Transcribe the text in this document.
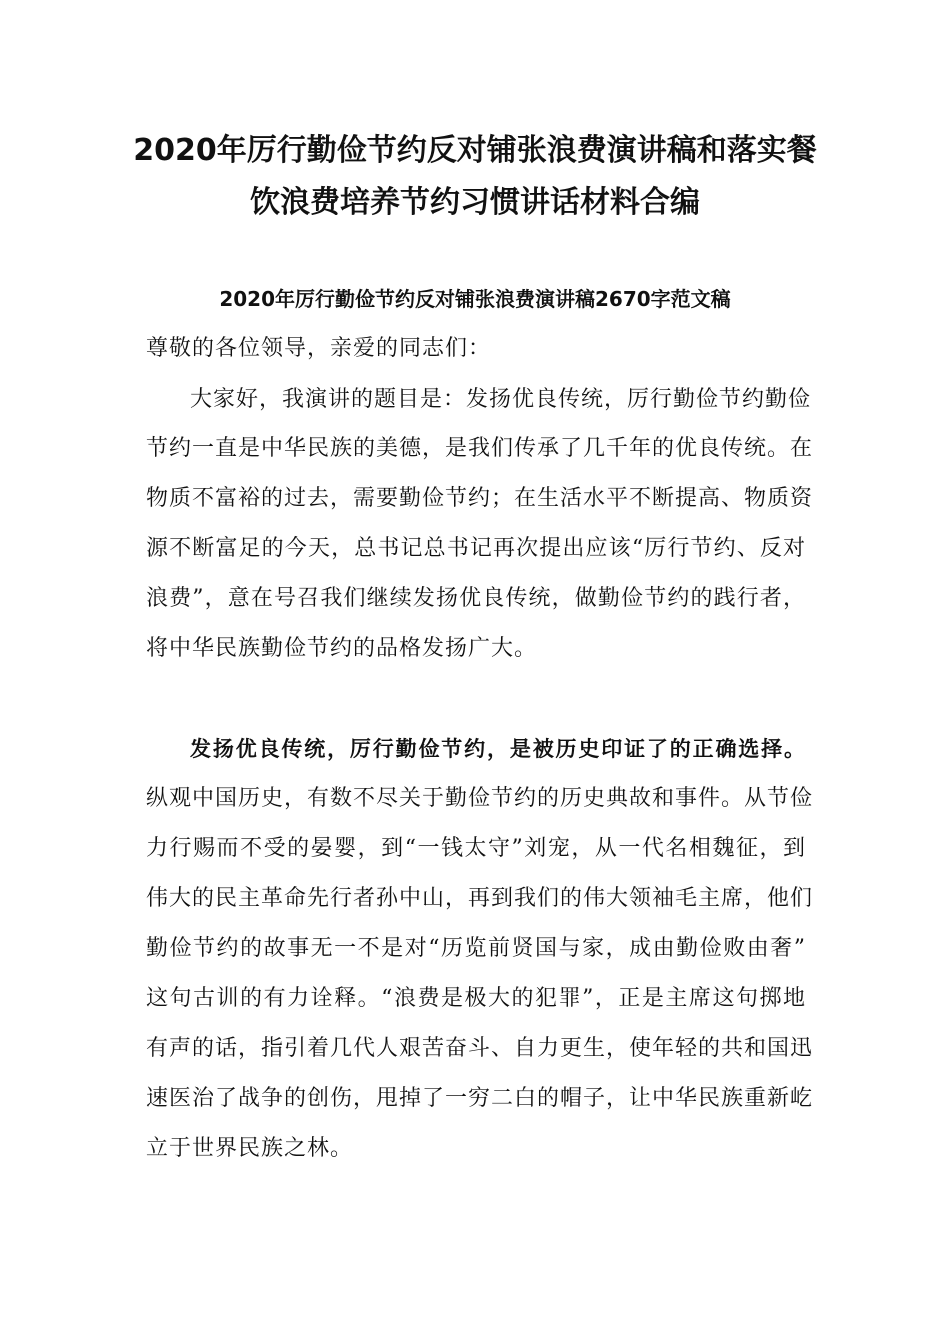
2020年厉行勤俭节约反对铺张浪费演讲稿和落实餐
饮浪费培养节约习惯讲话材料合编
2020年厉行勤俭节约反对铺张浪费演讲稿2670字范文稿
尊敬的各位领导，亲爱的同志们：
大家好，我演讲的题目是：发扬优良传统，厉行勤俭节约勤俭
节约一直是中华民族的美德，是我们传承了几千年的优良传统。在
物质不富裕的过去，需要勤俭节约；在生活水平不断提高、物质资
源不断富足的今天，总书记总书记再次提出应该“厉行节约、反对
浪费”，意在号召我们继续发扬优良传统，做勤俭节约的践行者，
将中华民族勤俭节约的品格发扬广大。
发扬优良传统，厉行勤俭节约，是被历史印证了的正确选择。
纵观中国历史，有数不尽关于勤俭节约的历史典故和事件。从节俭
力行赐而不受的晏婴，到“一钱太守”刘宠，从一代名相魏征，到
伟大的民主革命先行者孙中山，再到我们的伟大领袖毛主席，他们
勤俭节约的故事无一不是对“历览前贤国与家，成由勤俭败由奢”
这句古训的有力诠释。“浪费是极大的犯罪”，正是主席这句掷地
有声的话，指引着几代人艰苦奋斗、自力更生，使年轻的共和国迅
速医治了战争的创伤，甩掉了一穷二白的帽子，让中华民族重新屹
立于世界民族之林。
